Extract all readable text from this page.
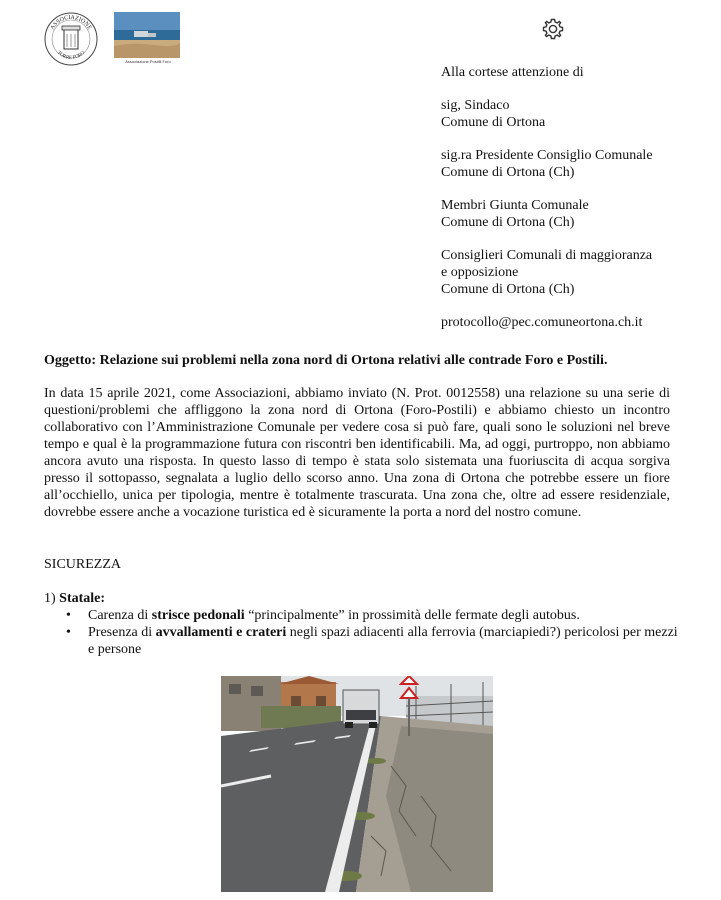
ASSOCIAZIONE
TORRE FORO
Associazione Postilli Foro
Alla cortese attenzione di
sig, Sindaco
Comune di Ortona
sig.ra Presidente Consiglio Comunale
Comune di Ortona (Ch)
Membri Giunta Comunale
Comune di Ortona (Ch)
Consiglieri Comunali di maggioranza
e opposizione
Comune di Ortona (Ch)
protocollo@pec.comuneortona.ch.it
Oggetto: Relazione sui problemi nella zona nord di Ortona relativi alle contrade Foro e Postili.
In data 15 aprile 2021, come Associazioni, abbiamo inviato (N. Prot. 0012558) una relazione su una serie di questioni/problemi che affliggono la zona nord di Ortona (Foro-Postili) e abbiamo chiesto un incontro collaborativo con l’Amministrazione Comunale per vedere cosa si può fare, quali sono le soluzioni nel breve tempo e qual è la programmazione futura con riscontri ben identificabili. Ma, ad oggi, purtroppo, non abbiamo ancora avuto una risposta. In questo lasso di tempo è stata solo sistemata una fuoriuscita di acqua sorgiva presso il sottopasso, segnalata a luglio dello scorso anno. Una zona di Ortona che potrebbe essere un fiore all’occhiello, unica per tipologia, mentre è totalmente trascurata. Una zona che, oltre ad essere residenziale, dovrebbe essere anche a vocazione turistica ed è sicuramente la porta a nord del nostro comune.
SICUREZZA
1) Statale:
• Carenza di strisce pedonali “principalmente” in prossimità delle fermate degli autobus.
• Presenza di avvallamenti e crateri negli spazi adiacenti alla ferrovia (marciapiedi?) pericolosi per mezzi e persone
